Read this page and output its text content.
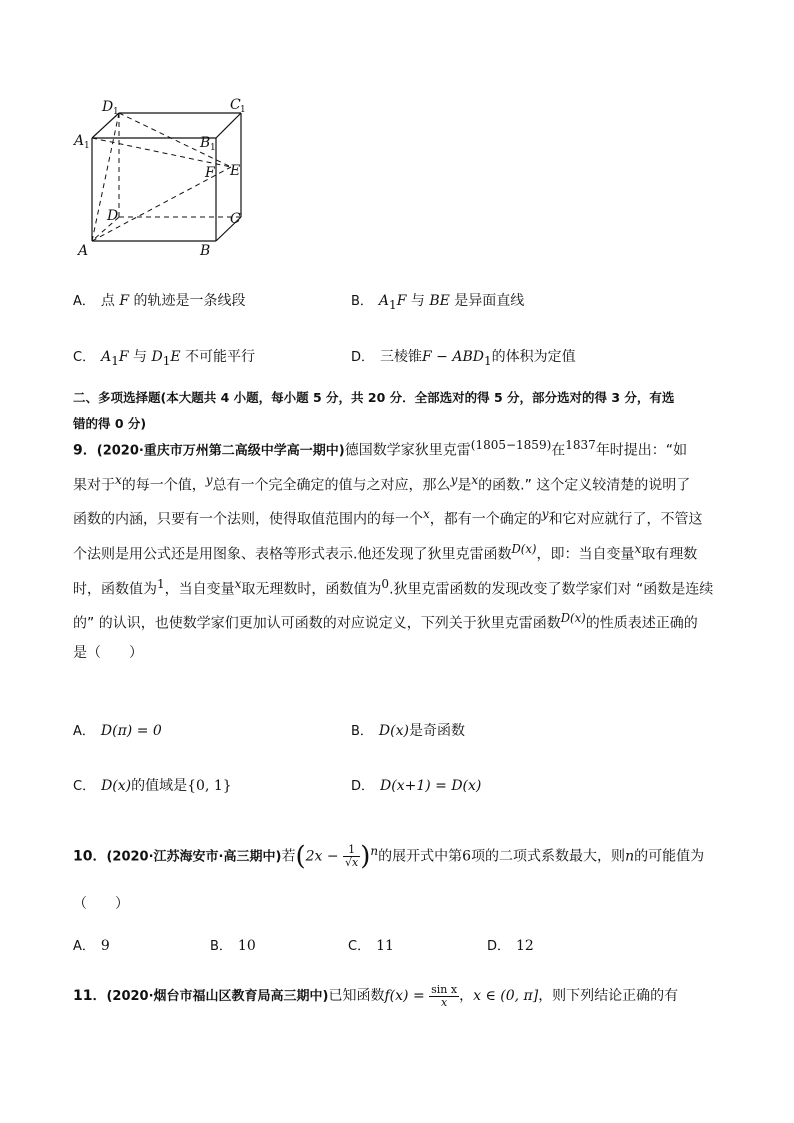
D 1	C 1
A 1	B 1
E
F
D	C
A	B
A． 点 F 的轨迹是一条线段	B． $A_1F$ 与 BE 是异面直线
C． $A_1F$ 与 $D_1E$ 不可能平行	D． 三棱锥$F - ABD_1$的体积为定值
二、多项选择题(本大题共 4 小题，每小题 5 分，共 20 分．全部选对的得 5 分，部分选对的得 3 分，有选
错的得 0 分)
9．(2020·重庆市万州第二高级中学高一期中)德国数学家狄里克雷$^{(1805-1859)}$在$^{1837}$年时提出：“如
果对于$^x$的每一个值，$^y$总有一个完全确定的值与之对应，那么$^y$是$^x$的函数.” 这个定义较清楚的说明了
函数的内涵，只要有一个法则，使得取值范围内的每一个$^x$，都有一个确定的$^y$和它对应就行了，不管这
个法则是用公式还是用图象、表格等形式表示.他还发现了狄里克雷函数$^{D(x)}$，即：当自变量$^x$取有理数
时，函数值为$^1$，当自变量$^x$取无理数时，函数值为$^0$.狄里克雷函数的发现改变了数学家们对 “函数是连续
的” 的认识，也使数学家们更加认可函数的对应说定义，下列关于狄里克雷函数$^{D(x)}$的性质表述正确的
是（　　）
A． D(π) = 0	B． D(x)是奇函数
C． D(x)的值域是{0, 1}	D． D(x+1) = D(x)
10．(2020·江苏海安市·高三期中)若$(2x - \frac{1}{√x} )^n$的展开式中第6项的二项式系数最大，则n的可能值为
（　　）
A． 9	B． 10	C． 11	D． 12
11．(2020·烟台市福山区教育局高三期中)已知函数$f(x) = \frac{\text{sin x}}{x}$ ，x ∈ (0, π]，则下列结论正确的有
